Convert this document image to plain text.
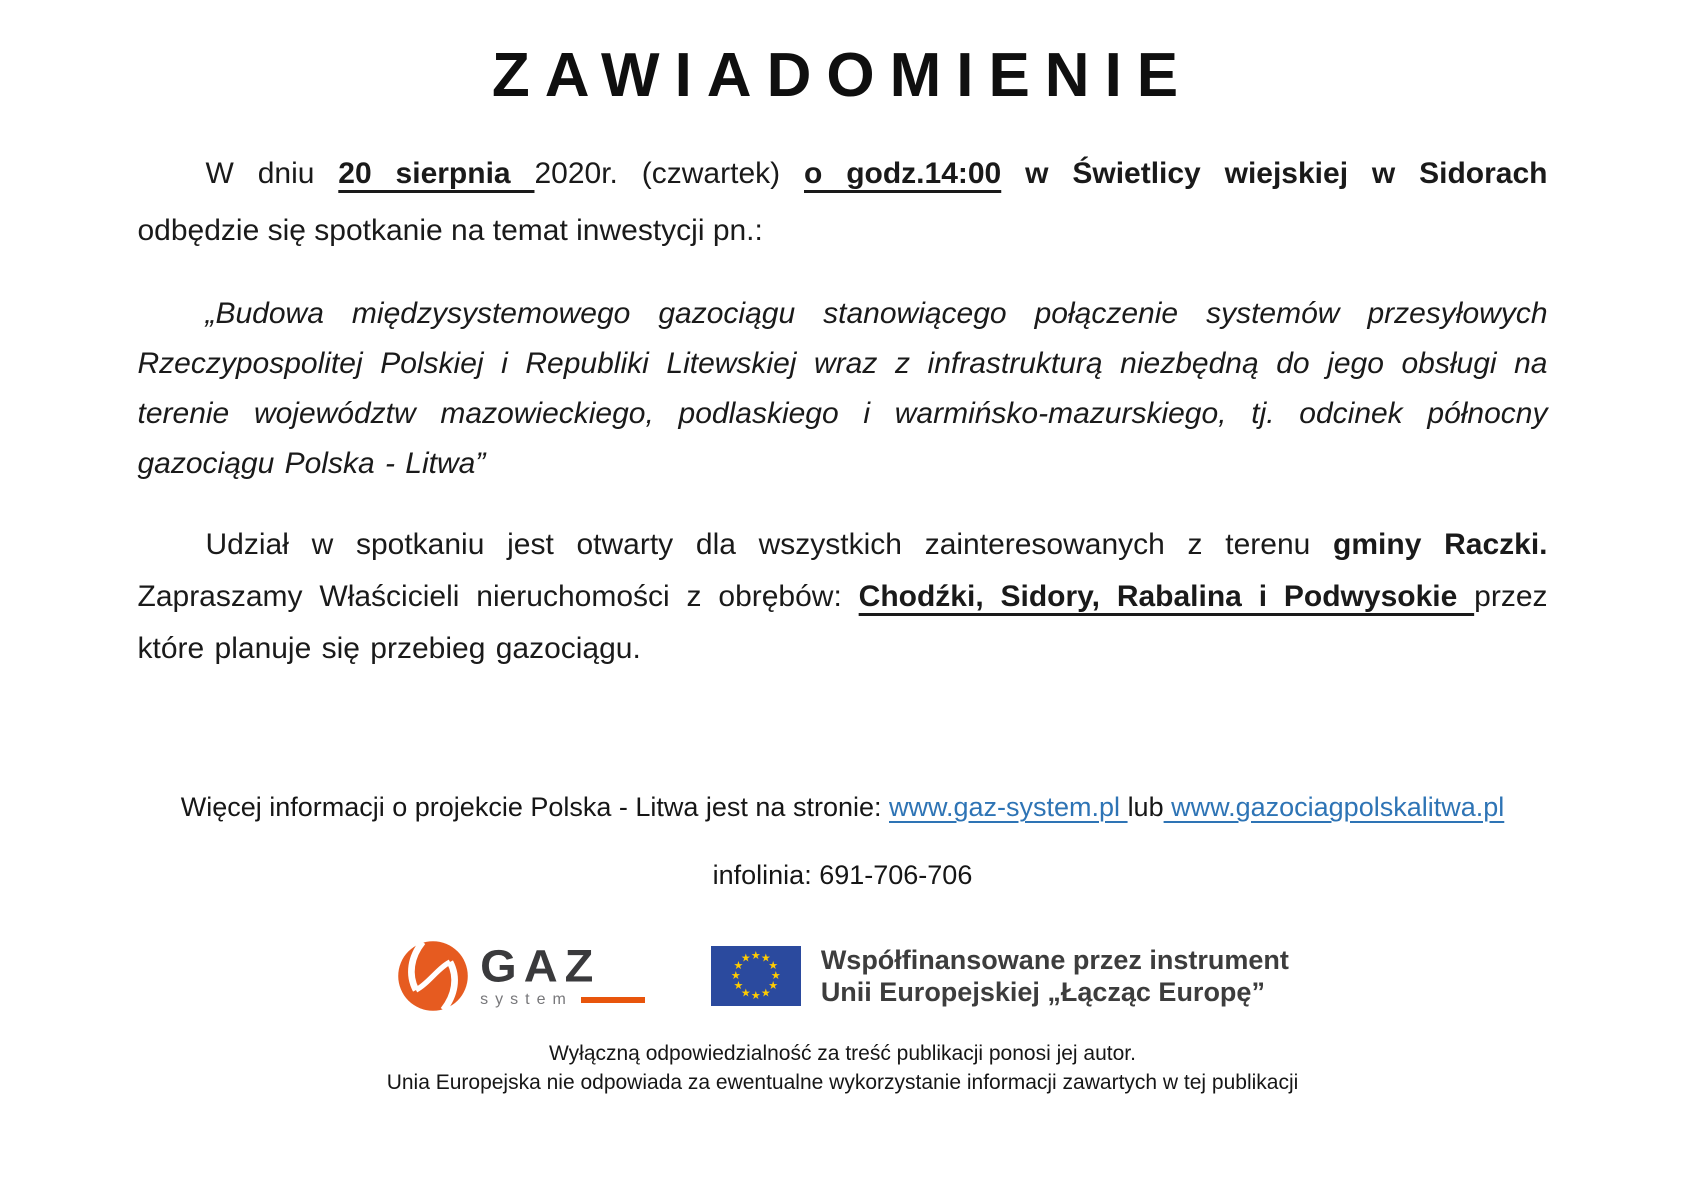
ZAWIADOMIENIE

W dniu 20 sierpnia 2020r. (czwartek) o godz.14:00 w Świetlicy wiejskiej w Sidorach

odbędzie się spotkanie na temat inwestycji pn.:

„Budowa międzysystemowego gazociągu stanowiącego połączenie systemów przesyłowych Rzeczypospolitej Polskiej i Republiki Litewskiej wraz z infrastrukturą niezbędną do jego obsługi na terenie województw mazowieckiego, podlaskiego i warmińsko-mazurskiego, tj. odcinek północny gazociągu Polska - Litwa”

Udział w spotkaniu jest otwarty dla wszystkich zainteresowanych z terenu gminy Raczki. Zapraszamy Właścicieli nieruchomości z obrębów: Chodźki, Sidory, Rabalina i Podwysokie przez które planuje się przebieg gazociągu.

Więcej informacji o projekcie Polska - Litwa jest na stronie: www.gaz-system.pl lub www.gazociagpolskalitwa.pl
infolinia: 691-706-706
GAZ
system
★ ★
★
★
★
★
★
★
★
★
★
★	Współfinansowane przez instrument
Unii Europejskiej „Łącząc Europę”
Wyłączną odpowiedzialność za treść publikacji ponosi jej autor.
Unia Europejska nie odpowiada za ewentualne wykorzystanie informacji zawartych w tej publikacji
